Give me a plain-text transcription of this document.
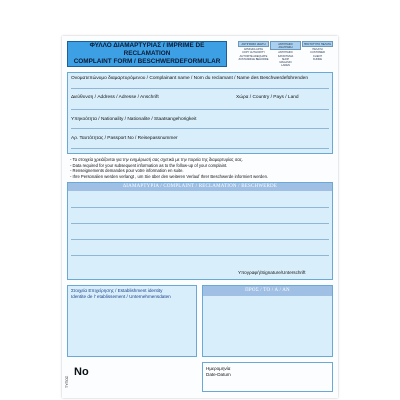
ΦΥΛΛΟ ΔΙΑΜΑΡΤΥΡΙΑΣ / IMPRIME DE RECLAMATION
COMPLAINT FORM / BESCHWERDEFORMULAR
ΑΝΤΙΓΡΑΦΟ ΙΔΙΩΤΗ
ΑΡΜΟΔΙΑ ΑΡΧΗ
COPY AUTHORITY
AUTORITE ADEQUATE
ZUSTANDIGE BEHORDE
ΑΝΤΙΓΡΑΦΟ ΑΝΑΓΡΑΦΗ
ΑΝΤΙΓΡΑΦΟ
ΚΑΤΑΣΤΗΜΑ
SHOP
MAGASIN
LADEN
ΠΡΩΤΟΤΥΠΟ ΠΕΛΑΤΗ
ΠΕΛΑΤΗ
CUSTOMER
CLIENT
KUNDE
Ονοματεπώνυμο διαμαρτυρόμενου / Complainant name / Nom du reclamant / Name des Beschwerdeführenden
Διεύθυνση / Address / Adresse / Anschrift	Χώρα / Country / Pays / Land
Υπηκοότητα / Nationality / Nationalite / Staatsangehorigkeit
Αρ. Ταυτότητας / Passport No / Reisepassnummer
- Τα στοιχεία χρειάζονται για την ενημέρωσή σας σχετικά με την πορεία της διαμαρτυρίας σας.
- Data required for your subsequent information as to the follow-up of your complaint.
- Renseignements demandes pour votre information en suite.
- Ihre Personalien werden verlangt , um Sie über den weiteren Verlauf Ihrer Beschwerde informiert werden.
ΔΙΑΜΑΡΤΥΡΙΑ / COMPLAINT / RECLAMATION / BESCHWERDE
Υπογραφή/Signature/Unterschrift
Στοιχεία Επιχείρησης / Establishment identity
Identite de l' etablissement / Unternehmensdaten
ΠΡΟΣ / TO / A / AN
ΤΥΠΟΣ
No	Ημερομηνία
Date-Datum
